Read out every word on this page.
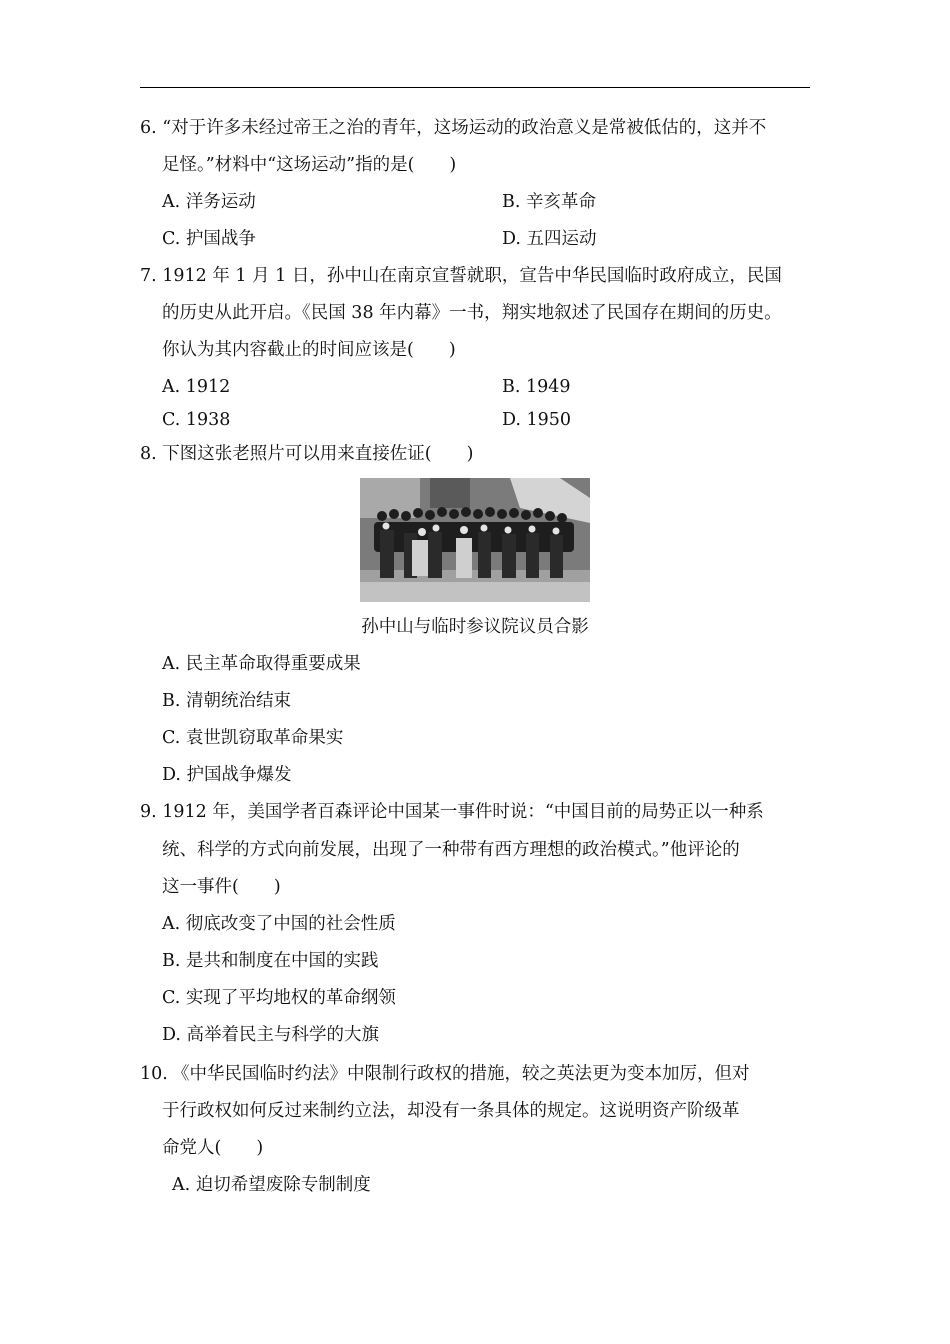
6. “对于许多未经过帝王之治的青年，这场运动的政治意义是常被低估的，这并不
足怪。”材料中“这场运动”指的是(　　)
A. 洋务运动	B. 辛亥革命
C. 护国战争	D. 五四运动
7. 1912 年 1 月 1 日，孙中山在南京宣誓就职，宣告中华民国临时政府成立，民国
的历史从此开启。《民国 38 年内幕》一书，翔实地叙述了民国存在期间的历史。
你认为其内容截止的时间应该是(　　)
A. 1912	B. 1949
C. 1938	D. 1950
8. 下图这张老照片可以用来直接佐证(　　)
孙中山与临时参议院议员合影
A. 民主革命取得重要成果
B. 清朝统治结束
C. 袁世凯窃取革命果实
D. 护国战争爆发
9. 1912 年，美国学者百森评论中国某一事件时说：“中国目前的局势正以一种系
统、科学的方式向前发展，出现了一种带有西方理想的政治模式。”他评论的
这一事件(　　)
A. 彻底改变了中国的社会性质
B. 是共和制度在中国的实践
C. 实现了平均地权的革命纲领
D. 高举着民主与科学的大旗
10. 《中华民国临时约法》中限制行政权的措施，较之英法更为变本加厉，但对
于行政权如何反过来制约立法，却没有一条具体的规定。这说明资产阶级革
命党人(　　)
A. 迫切希望废除专制制度
